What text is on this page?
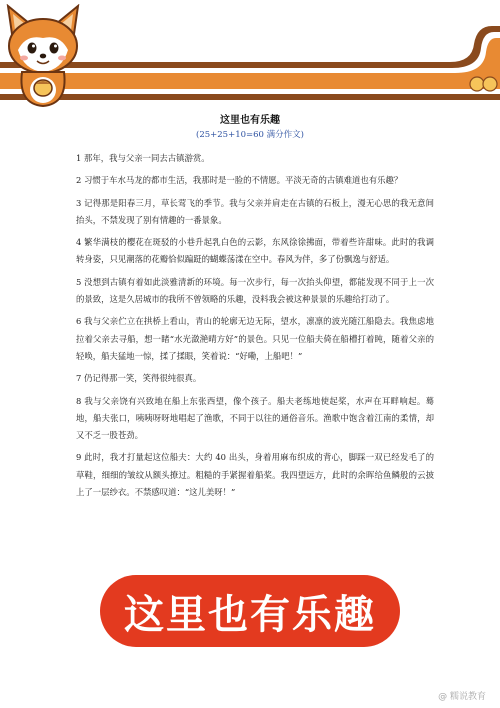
这里也有乐趣
(25+25+10=60 满分作文)

1 那年，我与父亲一同去古镇游赏。

2 习惯于车水马龙的都市生活，我那时是一脸的不情愿。平淡无奇的古镇难道也有乐趣？

3 记得那是阳春三月，草长莺飞的季节。我与父亲并肩走在古镇的石板上，漫无心思的我无意间抬头，不禁发现了别有情趣的一番景象。

4 繁华满枝的樱花在斑驳的小巷升起乳白色的云影，东风徐徐拂面，带着些许甜味。此时的我调转身姿，只见潮落的花瓣恰似蹁跹的蝴蝶荡漾在空中。春风为伴，多了份飘逸与舒适。

5 没想到古镇有着如此淡雅清新的环境。每一次步行，每一次抬头仰望，都能发现不同于上一次的景致，这是久居城市的我所不曾领略的乐趣，没料我会被这种景景的乐趣给打动了。

6 我与父亲伫立在拱桥上看山，青山的轮廓无边无际，望水，凛凛的波光随江船隐去。我焦虑地拉着父亲去寻船，想一睹“水光潋滟晴方好”的景色。只见一位船夫倚在船槽打着盹，随着父亲的轻唤，船夫猛地一惊，揉了揉眼，笑着说：“好嘞，上船吧！”

7 仍记得那一笑，笑得很纯很真。

8 我与父亲饶有兴致地在船上东张西望，像个孩子。船夫老练地使起桨，水声在耳畔响起。蓦地，船夫张口，咦咦呀呀地唱起了渔歌，不同于以往的通俗音乐。渔歌中饱含着江南的柔情，却又不乏一股苍劲。

9 此时，我才打量起这位船夫：大约 40 出头，身着用麻布织成的背心，脚踩一双已经发毛了的草鞋，细细的皱纹从额头撩过。粗糙的手紧握着船桨。我四望远方，此时的余晖给鱼鳞般的云披上了一层纱衣。不禁感叹道：“这儿美呀！”

这里也有乐趣
@ 糯说教育
